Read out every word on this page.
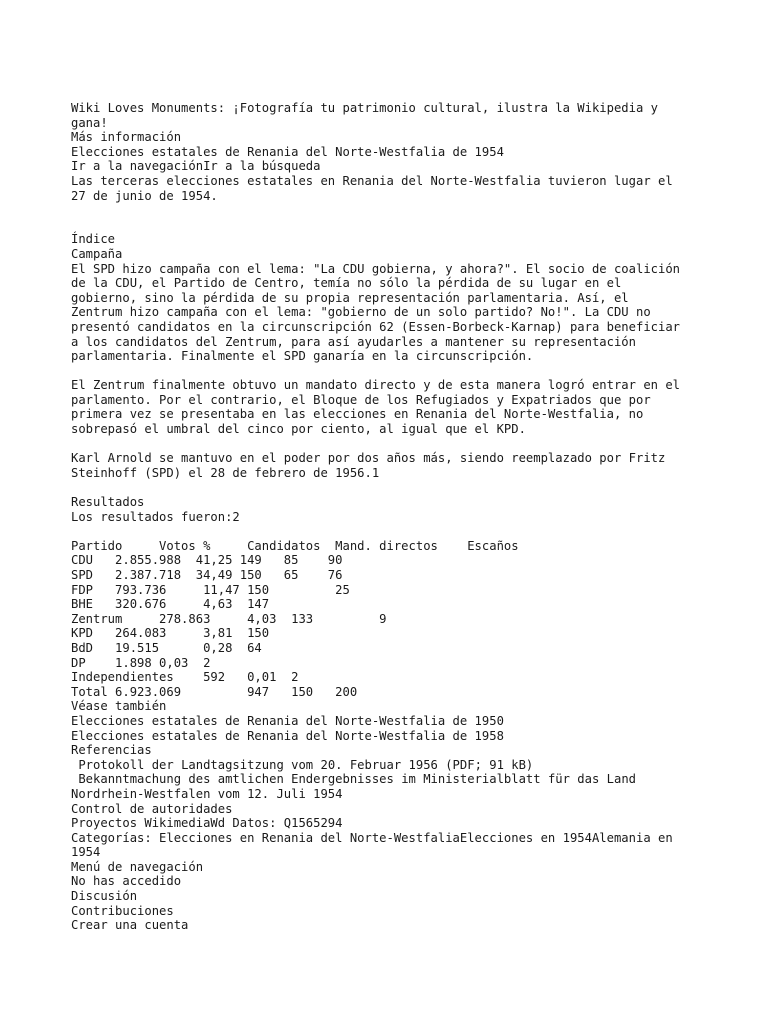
Wiki Loves Monuments: ¡Fotografía tu patrimonio cultural, ilustra la Wikipedia y
gana!

Más información

Elecciones estatales de Renania del Norte-Westfalia de 1954

Ir a la navegaciónIr a la búsqueda

Las terceras elecciones estatales en Renania del Norte-Westfalia tuvieron lugar el
27 de junio de 1954.

Índice

Campaña

El SPD hizo campaña con el lema: "La CDU gobierna, y ahora?". El socio de coalición
de la CDU, el Partido de Centro, temía no sólo la pérdida de su lugar en el
gobierno, sino la pérdida de su propia representación parlamentaria. Así, el
Zentrum hizo campaña con el lema: "gobierno de un solo partido? No!". La CDU no
presentó candidatos en la circunscripción 62 (Essen-Borbeck-Karnap) para beneficiar
a los candidatos del Zentrum, para así ayudarles a mantener su representación
parlamentaria. Finalmente el SPD ganaría en la circunscripción.

El Zentrum finalmente obtuvo un mandato directo y de esta manera logró entrar en el
parlamento. Por el contrario, el Bloque de los Refugiados y Expatriados que por
primera vez se presentaba en las elecciones en Renania del Norte-Westfalia, no
sobrepasó el umbral del cinco por ciento, al igual que el KPD.

Karl Arnold se mantuvo en el poder por dos años más, siendo reemplazado por Fritz
Steinhoff (SPD) el 28 de febrero de 1956.1

Resultados

Los resultados fueron:2

Partido     Votos %     Candidatos  Mand. directos    Escaños

CDU   2.855.988  41,25 149   85    90

SPD   2.387.718  34,49 150   65    76

FDP   793.736     11,47 150         25

BHE   320.676     4,63  147

Zentrum     278.863     4,03  133         9

KPD   264.083     3,81  150

BdD   19.515      0,28  64

DP    1.898 0,03  2

Independientes    592   0,01  2

Total 6.923.069         947   150   200

Véase también

Elecciones estatales de Renania del Norte-Westfalia de 1950

Elecciones estatales de Renania del Norte-Westfalia de 1958

Referencias

Protokoll der Landtagsitzung vom 20. Februar 1956 (PDF; 91 kB)

Bekanntmachung des amtlichen Endergebnisses im Ministerialblatt für das Land
Nordrhein-Westfalen vom 12. Juli 1954

Control de autoridades

Proyectos WikimediaWd Datos: Q1565294

Categorías: Elecciones en Renania del Norte-WestfaliaElecciones en 1954Alemania en
1954

Menú de navegación

No has accedido

Discusión

Contribuciones

Crear una cuenta
